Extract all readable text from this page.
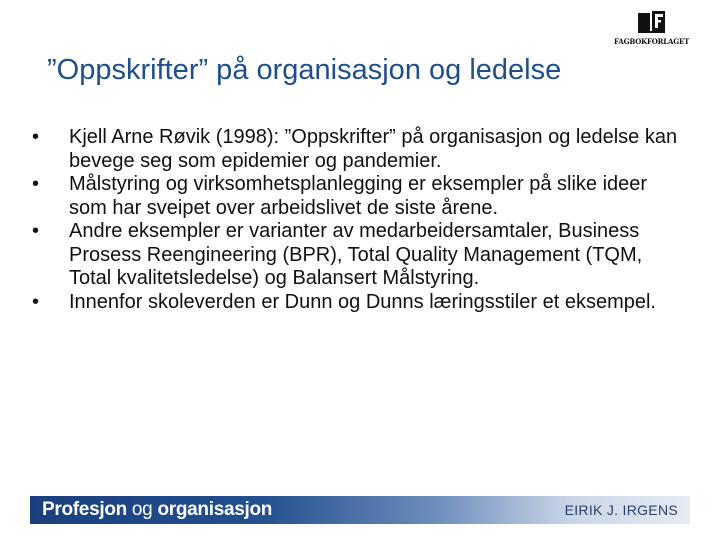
FAGBOKFORLAGET
”Oppskrifter” på organisasjon og ledelse
•	Kjell Arne Røvik (1998): ”Oppskrifter” på organisasjon og ledelse kan bevege seg som epidemier og pandemier.
•	Målstyring og virksomhetsplanlegging er eksempler på slike ideer som har sveipet over arbeidslivet de siste årene.
•	Andre eksempler er varianter av medarbeidersamtaler, Business Prosess Reengineering (BPR), Total Quality Management (TQM, Total kvalitetsledelse) og Balansert Målstyring.
•	Innenfor skoleverden er Dunn og Dunns læringsstiler et eksempel.
Profesjon og organisasjon	EIRIK J. IRGENS
